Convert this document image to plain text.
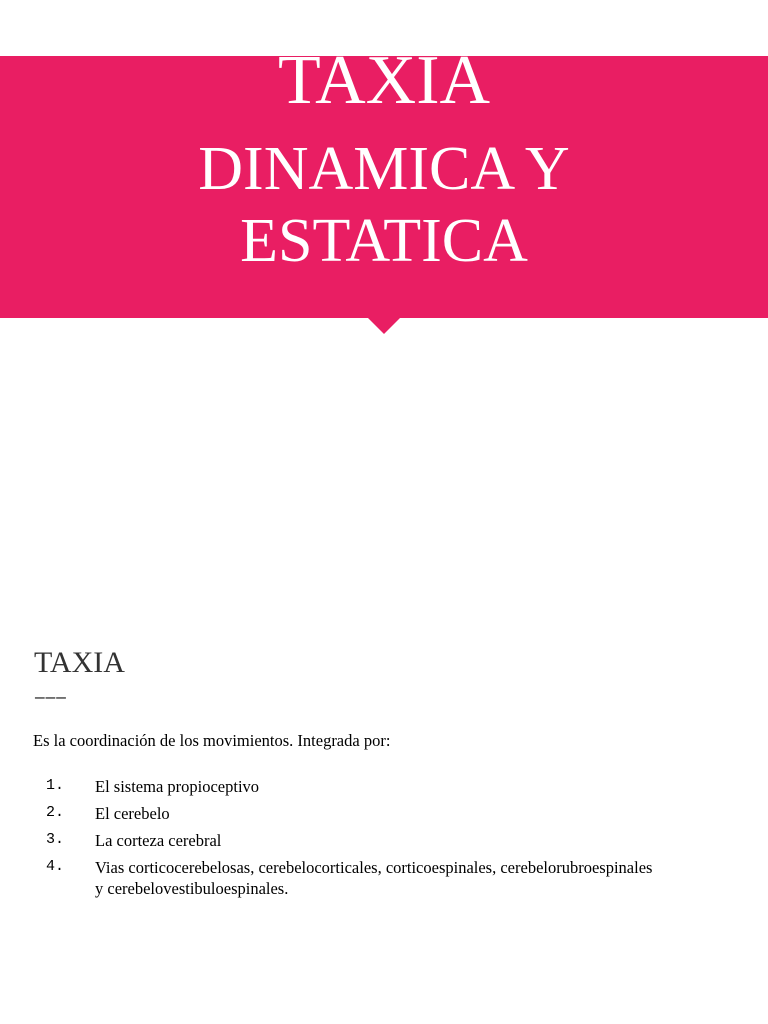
TAXIA
DINAMICA Y
ESTATICA
TAXIA
———
Es la coordinación de los movimientos. Integrada por:
1. El sistema propioceptivo
2. El cerebelo
3. La corteza cerebral
4. Vias corticocerebelosas, cerebelocorticales, corticoespinales, cerebelorubroespinales y cerebelovestibuloespinales.
